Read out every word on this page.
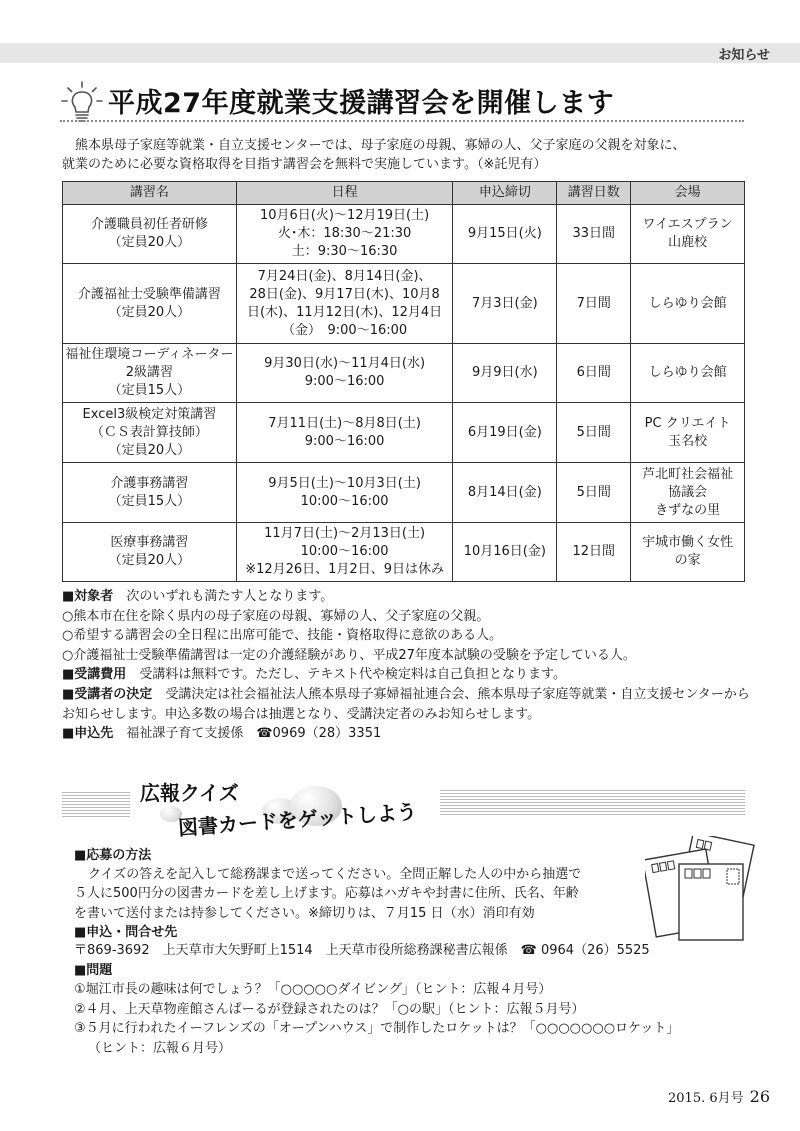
お知らせ
平成27年度就業支援講習会を開催します

熊本県母子家庭等就業・自立支援センターでは、母子家庭の母親、寡婦の人、父子家庭の父親を対象に、

就業のために必要な資格取得を目指す講習会を無料で実施しています。（※託児有）

講習名	日程	申込締切	講習日数	会場

介護職員初任者研修
（定員20人）	10月6日(火)～12月19日(土)
火･木：18:30～21:30
土：9:30～16:30	9月15日(火)	33日間	ワイエスプラン
山鹿校

介護福祉士受験準備講習
（定員20人）	7月24日(金)、8月14日(金)、
28日(金)、9月17日(木)、10月8
日(木)、11月12日(木)、12月4日
（金）　9:00～16:00	7月3日(金)	7日間	しらゆり会館

福祉住環境コーディネーター
2級講習
（定員15人）	9月30日(水)～11月4日(水)
9:00～16:00	9月9日(水)	6日間	しらゆり会館

Excel3級検定対策講習
（ＣＳ表計算技師）
（定員20人）	7月11日(土)～8月8日(土)
9:00～16:00	6月19日(金)	5日間	PC クリエイト
玉名校

介護事務講習
（定員15人）	9月5日(土)～10月3日(土)
10:00～16:00	8月14日(金)	5日間	芦北町社会福祉
協議会
きずなの里

医療事務講習
（定員20人）	11月7日(土)～2月13日(土)
10:00～16:00
※12月26日、1月2日、9日は休み	10月16日(金)	12日間	宇城市働く女性
の家

■対象者　 次のいずれも満たす人となります。

○熊本市在住を除く県内の母子家庭の母親、寡婦の人、父子家庭の父親。

○希望する講習会の全日程に出席可能で、技能・資格取得に意欲のある人。

○介護福祉士受験準備講習は一定の介護経験があり、平成27年度本試験の受験を予定している人。

■受講費用　 受講料は無料です。ただし、テキスト代や検定料は自己負担となります。

■受講者の決定　 受講決定は社会福祉法人熊本県母子寡婦福祉連合会、熊本県母子家庭等就業・自立支援センターからお知らせします。申込多数の場合は抽選となり、受講決定者のみお知らせします。

■申込先　 福祉課子育て支援係　 ☎0969（28）3351

広報クイズ
図書カードをゲットしよう

■応募の方法

クイズの答えを記入して総務課まで送ってください。全問正解した人の中から抽選で

５人に500円分の図書カードを差し上げます。応募はハガキや封書に住所、氏名、年齢

を書いて送付または持参してください。※締切りは、７月15 日（水）消印有効

■申込・問合せ先

〒869-3692　上天草市大矢野町上1514　上天草市役所総務課秘書広報係　☎ 0964（26）5525

■問題

①堀江市長の趣味は何でしょう？「○○○○○ダイビング」（ヒント：広報４月号）

②４月、上天草物産館さんぱーるが登録されたのは？「○の駅」（ヒント：広報５月号）

③５月に行われたイーフレンズの「オープンハウス」で制作したロケットは？「○○○○○○○ロケット」

（ヒント：広報６月号）

2015. 6月号 26
